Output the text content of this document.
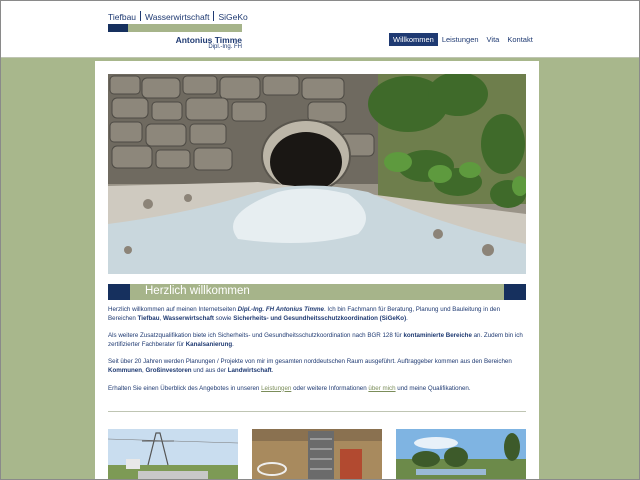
Tiefbau Wasserwirtschaft SiGeKo
Antonius Timme
Dipl.-Ing. FH
Willkommen	Leistungen	Vita	Kontakt
Herzlich willkommen

Herzlich willkommen auf meinen Internetseiten Dipl.-Ing. FH Antonius Timme. Ich bin Fachmann für Beratung, Planung und Bauleitung in den Bereichen Tiefbau, Wasserwirtschaft sowie Sicherheits- und Gesundheitsschutzkoordination (SiGeKo).

Als weitere Zusatzqualifikation biete ich Sicherheits- und Gesundheitsschutzkoordination nach BGR 128 für kontaminierte Bereiche an. Zudem bin ich zertifizierter Fachberater für Kanalsanierung.

Seit über 20 Jahren werden Planungen / Projekte von mir im gesamten norddeutschen Raum ausgeführt. Auftraggeber kommen aus den Bereichen Kommunen, Großinvestoren und aus der Landwirtschaft.

Erhalten Sie einen Überblick des Angebotes in unseren Leistungen oder weitere Informationen über mich und meine Qualifikationen.
